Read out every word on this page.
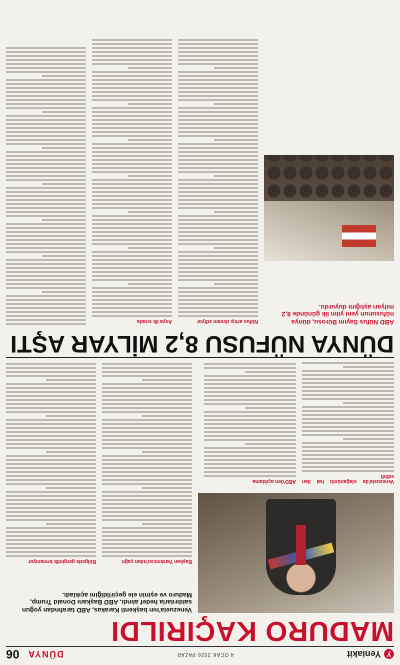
y
Yeniakit
4 OCAK 2026 PAZAR
DÜNYA
06
MADURO KAÇIRILDI
Venezuela'nın başkenti Karakas, ABD tarafından yoğun saldırılarla hedef alındı. ABD Başkanı Donald Trump, Maduro ve eşinin ele geçirildiğini açıkladı.
Venezuela'da olağanüstü hal ilan edildi
ABD'den açıklama
Başkan Yardımcısı'ndan çağrı
Bölgede gerginlik tırmanıyor
DÜNYA NÜFUSU 8,2 MİLYAR AŞTI
ABD Nüfus Sayım Bürosu, dünya nüfusunun yeni yılın ilk gününde 8,2 milyarı aştığını duyurdu.
Nüfus artışı devam ediyor
Asya ilk sırada
